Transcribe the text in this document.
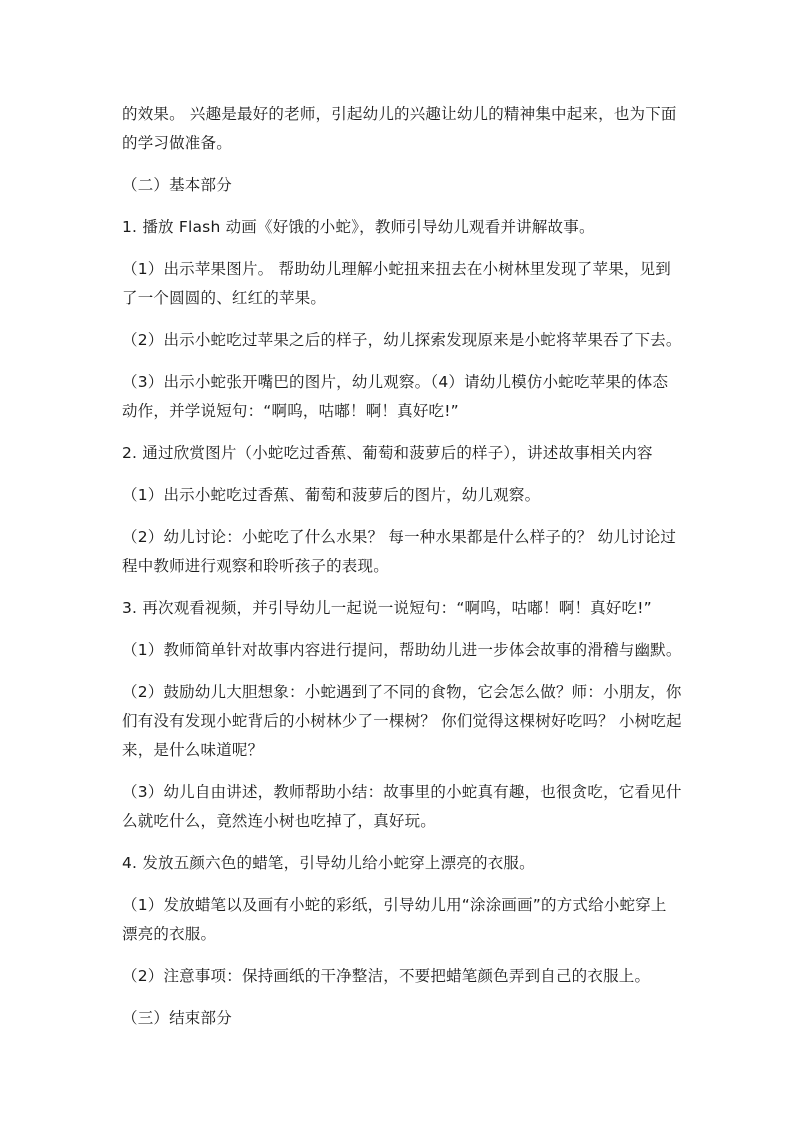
的效果。 兴趣是最好的老师，引起幼儿的兴趣让幼儿的精神集中起来，也为下面的学习做准备。

（二）基本部分

1. 播放 Flash 动画《好饿的小蛇》，教师引导幼儿观看并讲解故事。

（1）出示苹果图片。 帮助幼儿理解小蛇扭来扭去在小树林里发现了苹果，见到了一个圆圆的、红红的苹果。

（2）出示小蛇吃过苹果之后的样子，幼儿探索发现原来是小蛇将苹果吞了下去。

（3）出示小蛇张开嘴巴的图片，幼儿观察。（4）请幼儿模仿小蛇吃苹果的体态动作，并学说短句：“啊呜，咕嘟！啊！真好吃!”

2. 通过欣赏图片（小蛇吃过香蕉、葡萄和菠萝后的样子），讲述故事相关内容

（1）出示小蛇吃过香蕉、葡萄和菠萝后的图片，幼儿观察。

（2）幼儿讨论：小蛇吃了什么水果？ 每一种水果都是什么样子的？ 幼儿讨论过程中教师进行观察和聆听孩子的表现。

3. 再次观看视频，并引导幼儿一起说一说短句：“啊呜，咕嘟！啊！真好吃!”

（1）教师简单针对故事内容进行提问，帮助幼儿进一步体会故事的滑稽与幽默。

（2）鼓励幼儿大胆想象：小蛇遇到了不同的食物，它会怎么做？师：小朋友，你们有没有发现小蛇背后的小树林少了一棵树？ 你们觉得这棵树好吃吗？ 小树吃起来，是什么味道呢？

（3）幼儿自由讲述，教师帮助小结：故事里的小蛇真有趣，也很贪吃，它看见什么就吃什么，竟然连小树也吃掉了，真好玩。

4. 发放五颜六色的蜡笔，引导幼儿给小蛇穿上漂亮的衣服。

（1）发放蜡笔以及画有小蛇的彩纸，引导幼儿用“涂涂画画”的方式给小蛇穿上漂亮的衣服。

（2）注意事项：保持画纸的干净整洁，不要把蜡笔颜色弄到自己的衣服上。

（三）结束部分
